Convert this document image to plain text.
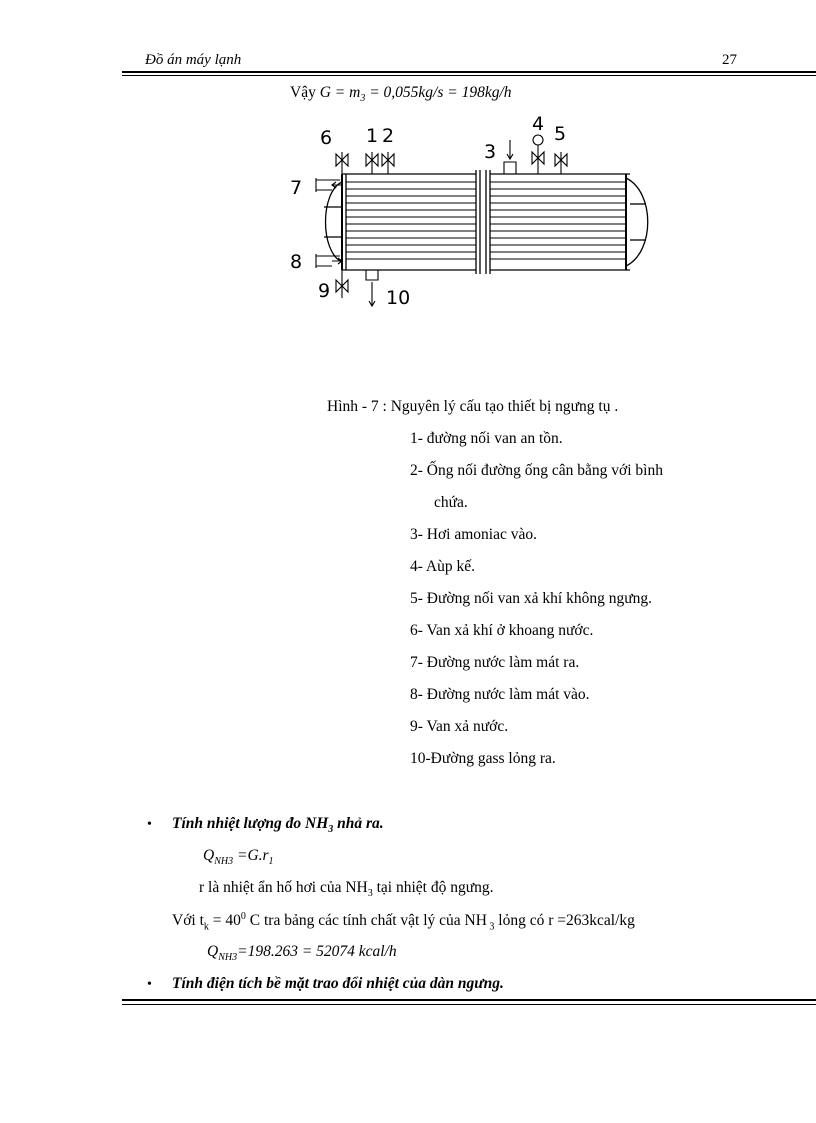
Đồ án máy lạnh	27
Vậy $G = m_3 = 0,055kg/s = 198kg/h$
6 1 2
3
4 5
7
8
9	10
Hình - 7 : Nguyên lý cấu tạo thiết bị ngưng tụ .
1- đường nối van an tồn.
2- Ống nối đường ống cân bằng với bình
chứa.
3- Hơi amoniac vào.
4- Aùp kế.
5- Đường nối van xả khí không ngưng.
6- Van xả khí ở khoang nước.
7- Đường nước làm mát ra.
8- Đường nước làm mát vào.
9- Van xả nước.
10-Đường gass lỏng ra.
• Tính nhiệt lượng đo $NH_3$ nhả ra.
$Q_{NH3} =G.r_1$
r là nhiệt ẩn hố hơi của $NH_3$ tại nhiệt độ ngưng.
Với $t_k = 40^0$ C tra bảng các tính chất vật lý của NH $_3$ lỏng có r =263kcal/kg
$Q_{NH3}=198.263 = 52074$ kcal/h
• Tính điện tích bề mặt trao đổi nhiệt của dàn ngưng.
